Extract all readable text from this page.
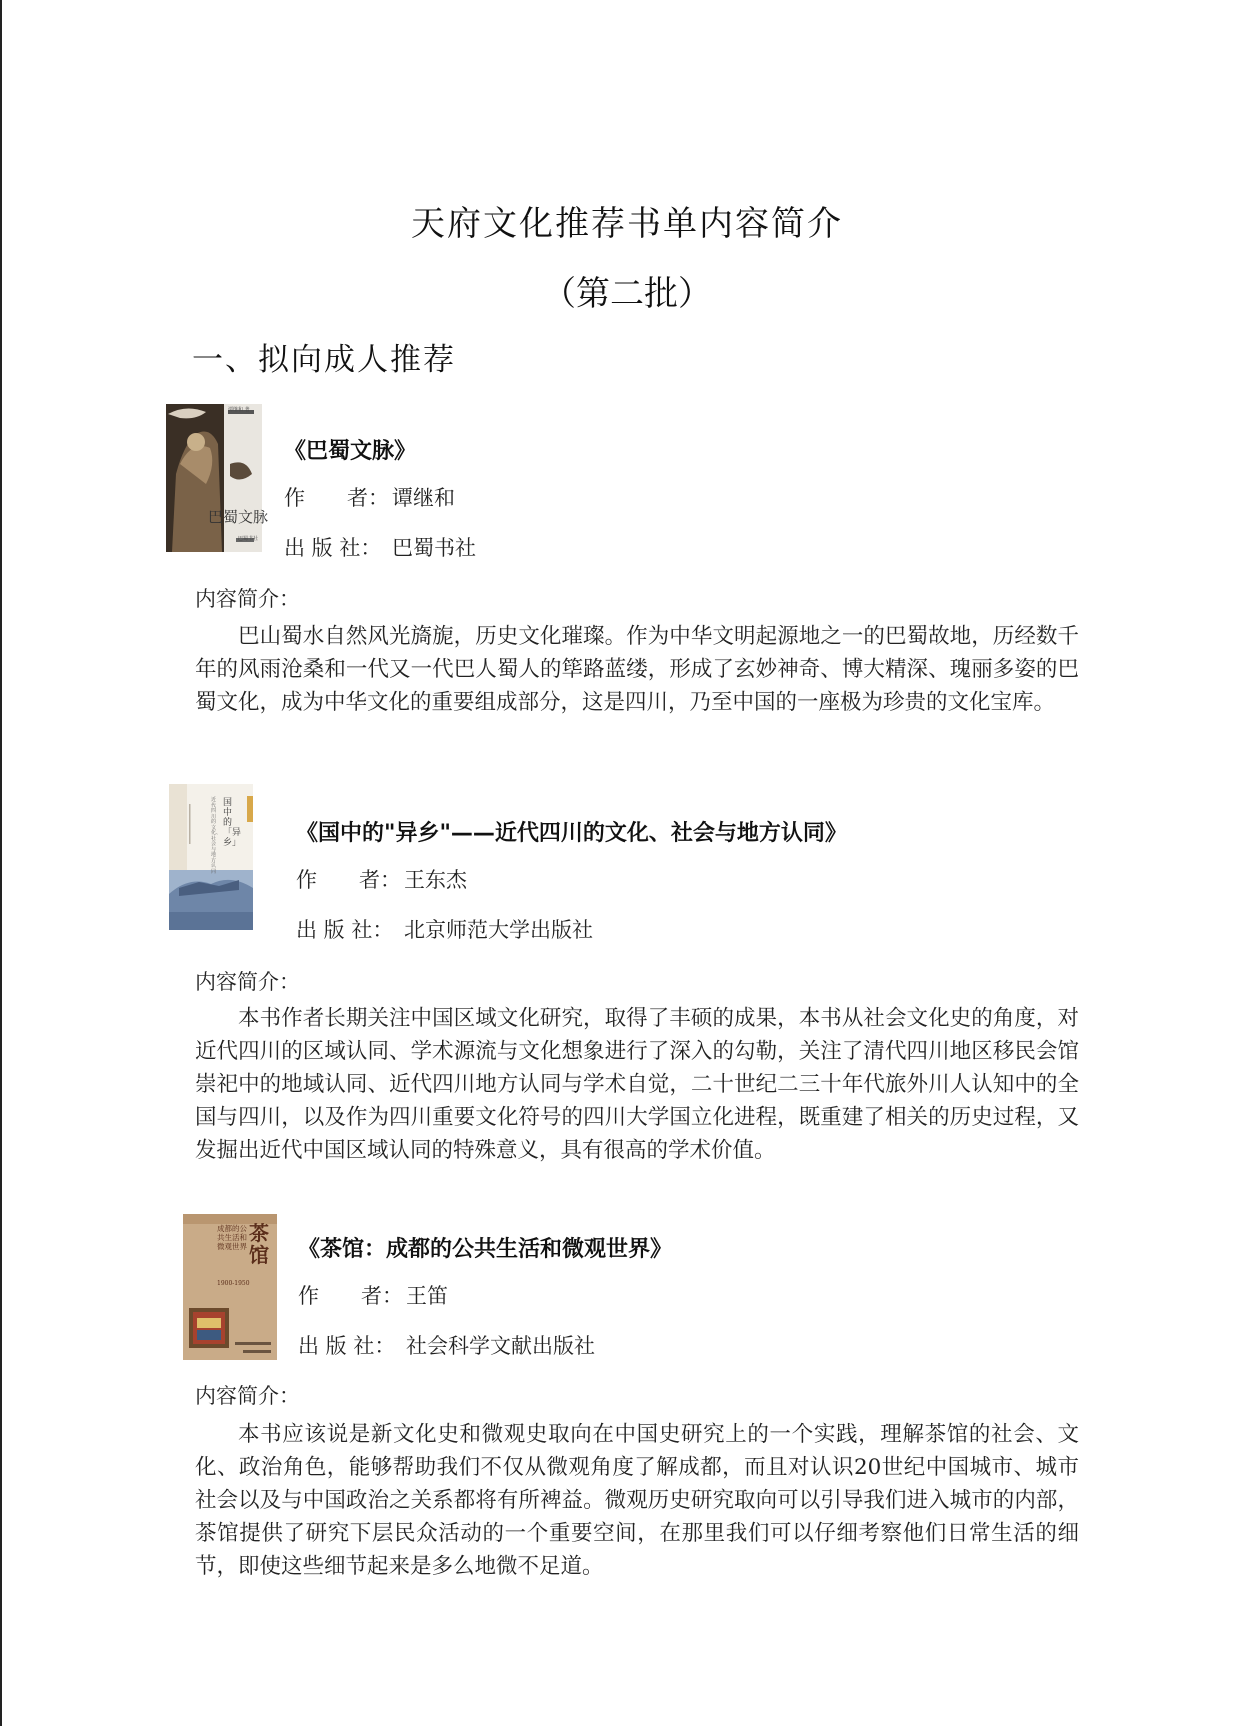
天府文化推荐书单内容简介
（第二批）
一、拟向成人推荐
巴蜀文脉
谭继和 著
巴蜀书社
《巴蜀文脉》
作　　者： 谭继和
出 版 社： 巴蜀书社
内容简介：

巴山蜀水自然风光旖旎，历史文化璀璨。作为中华文明起源地之一的巴蜀故地，历经数千年的风雨沧桑和一代又一代巴人蜀人的筚路蓝缕，形成了玄妙神奇、博大精深、瑰丽多姿的巴蜀文化，成为中华文化的重要组成部分，这是四川，乃至中国的一座极为珍贵的文化宝库。

国中的「异乡」
近代四川的文化、社会与地方认同
《国中的"异乡"——近代四川的文化、社会与地方认同》
作　　者： 王东杰
出 版 社： 北京师范大学出版社
内容简介：

本书作者长期关注中国区域文化研究，取得了丰硕的成果，本书从社会文化史的角度，对近代四川的区域认同、学术源流与文化想象进行了深入的勾勒，关注了清代四川地区移民会馆崇祀中的地域认同、近代四川地方认同与学术自觉，二十世纪二三十年代旅外川人认知中的全国与四川，以及作为四川重要文化符号的四川大学国立化进程，既重建了相关的历史过程，又发掘出近代中国区域认同的特殊意义，具有很高的学术价值。

茶馆
成都的公共生活和微观世界
1900-1950
《茶馆：成都的公共生活和微观世界》
作　　者： 王笛
出 版 社： 社会科学文献出版社
内容简介：

本书应该说是新文化史和微观史取向在中国史研究上的一个实践，理解茶馆的社会、文化、政治角色，能够帮助我们不仅从微观角度了解成都，而且对认识20世纪中国城市、城市社会以及与中国政治之关系都将有所裨益。微观历史研究取向可以引导我们进入城市的内部，茶馆提供了研究下层民众活动的一个重要空间，在那里我们可以仔细考察他们日常生活的细节，即使这些细节起来是多么地微不足道。
